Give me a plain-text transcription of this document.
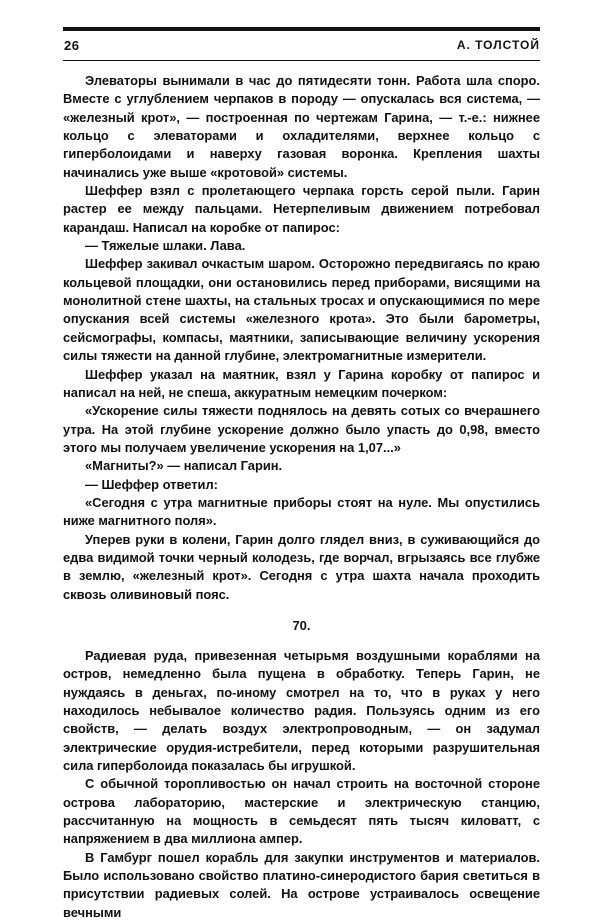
26	А. ТОЛСТОЙ

Элеваторы вынимали в час до пятидесяти тонн. Работа шла споро. Вместе с углублением черпаков в породу — опускалась вся система, — «железный крот», — построенная по чертежам Гарина, — т.-е.: нижнее кольцо с элеваторами и охладителями, верхнее кольцо с гиперболоидами и наверху газовая воронка. Крепления шахты начинались уже выше «кротовой» системы.

Шеффер взял с пролетающего черпака горсть серой пыли. Гарин растер ее между пальцами. Нетерпеливым движением потребовал карандаш. Написал на коробке от папирос:

— Тяжелые шлаки. Лава.

Шеффер закивал очкастым шаром. Осторожно передвигаясь по краю кольцевой площадки, они остановились перед приборами, висящими на монолитной стене шахты, на стальных тросах и опускающимися по мере опускания всей системы «железного крота». Это были барометры, сейсмографы, компасы, маятники, записывающие величину ускорения силы тяжести на данной глубине, электромагнитные измерители.

Шеффер указал на маятник, взял у Гарина коробку от папирос и написал на ней, не спеша, аккуратным немецким почерком:

«Ускорение силы тяжести поднялось на девять сотых со вчерашнего утра. На этой глубине ускорение должно было упасть до 0,98, вместо этого мы получаем увеличение ускорения на 1,07...»

«Магниты?» — написал Гарин.

— Шеффер ответил:

«Сегодня с утра магнитные приборы стоят на нуле. Мы опустились ниже магнитного поля».

Уперев руки в колени, Гарин долго глядел вниз, в суживающийся до едва видимой точки черный колодезь, где ворчал, вгрызаясь все глубже в землю, «железный крот». Сегодня с утра шахта начала проходить сквозь оливиновый пояс.

70.

Радиевая руда, привезенная четырьмя воздушными кораблями на остров, немедленно была пущена в обработку. Теперь Гарин, не нуждаясь в деньгах, по-иному смотрел на то, что в руках у него находилось небывалое количество радия. Пользуясь одним из его свойств, — делать воздух электропроводным, — он задумал электрические орудия-истребители, перед которыми разрушительная сила гиперболоида показалась бы игрушкой.

С обычной торопливостью он начал строить на восточной стороне острова лабораторию, мастерские и электрическую станцию, рассчитанную на мощность в семьдесят пять тысяч киловатт, с напряжением в два миллиона ампер.

В Гамбург пошел корабль для закупки инструментов и материалов. Было использовано свойство платино-синеродистого бария светиться в присутствии радиевых солей. На острове устраивалось освещение вечными
